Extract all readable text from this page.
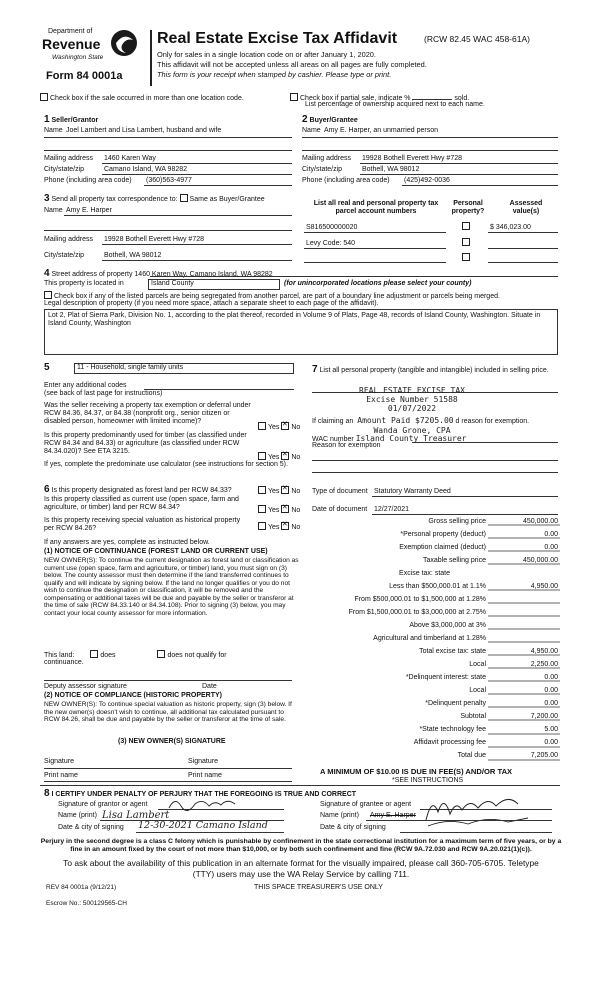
Department of
Revenue
Washington State
Form 84 0001a
Real Estate Excise Tax Affidavit	(RCW 82.45 WAC 458-61A)
Only for sales in a single location code on or after January 1, 2020.
This affidavit will not be accepted unless all areas on all pages are fully completed.
This form is your receipt when stamped by cashier. Please type or print.
Check box if the sale occurred in more than one location code.	Check box if partial sale, indicate %	sold.
List percentage of ownership acquired next to each name.
1 Seller/Grantor
Name Joel Lambert and Lisa Lambert, husband and wife
Mailing address 1460 Karen Way
City/state/zip	Camano Island, WA 98282
Phone (including area code) (360)563-4977
2 Buyer/Grantee
Name Amy E. Harper, an unmarried person
Mailing address 19928 Bothell Everett Hwy #728
City/state/zip	Bothell, WA 98012
Phone (including area code) (425)492-0036
3 Send all property tax correspondence to: Same as Buyer/Grantee
Name Amy E. Harper
Mailing address 19928 Bothell Everett Hwy #728
City/state/zip	Bothell, WA 98012
List all real and personal property tax
parcel account numbers
Personal
property?
Assessed
value(s)
S816500000020	$ 346,023.00
Levy Code: 540
4 Street address of property 1460 Karen Way, Camano Island, WA 98282
This property is located in	Island County	(for unincorporated locations please select your county)
Check box if any of the listed parcels are being segregated from another parcel, are part of a boundary line adjustment or parcels being merged.
Legal description of property (if you need more space, attach a separate sheet to each page of the affidavit).
Lot 2, Plat of Sierra Park, Division No. 1, according to the plat thereof, recorded in Volume 9 of Plats, Page 48, records of Island County, Washington. Situate in Island County, Washington
5	11 - Household, single family units
Enter any additional codes
(see back of last page for instructions)
Was the seller receiving a property tax exemption or deferral under RCW 84.36, 84.37, or 84.38 (nonprofit org., senior citizen or disabled person, homeowner with limited income)?
Yes ✕ No
Is this property predominantly used for timber (as classified under RCW 84.34 and 84.33) or agriculture (as classified under RCW 84.34.020)? See ETA 3215.
Yes ✕ No
If yes, complete the predominate use calculator (see instructions for section 5).
6 Is this property designated as forest land per RCW 84.33?	Yes ✕ No
Is this property classified as current use (open space, farm and agriculture, or timber) land per RCW 84.34?	Yes ✕ No
Is this property receiving special valuation as historical property per RCW 84.26?	Yes ✕ No
If any answers are yes, complete as instructed below.
(1) NOTICE OF CONTINUANCE (FOREST LAND OR CURRENT USE)
NEW OWNER(S): To continue the current designation as forest land or classification as current use (open space, farm and agriculture, or timber) land, you must sign on (3) below. The county assessor must then determine if the land transferred continues to qualify and will indicate by signing below. If the land no longer qualifies or you do not wish to continue the designation or classification, it will be removed and the compensating or additional taxes will be due and payable by the seller or transferor at the time of sale (RCW 84.33.140 or 84.34.108). Prior to signing (3) below, you may contact your local county assessor for more information.
This land:	does	does not qualify for
continuance.
Deputy assessor signature	Date
(2) NOTICE OF COMPLIANCE (HISTORIC PROPERTY)
NEW OWNER(S): To continue special valuation as historic property, sign (3) below. If the new owner(s) doesn't wish to continue, all additional tax calculated pursuant to RCW 84.26, shall be due and payable by the seller or transferor at the time of sale.
(3) NEW OWNER(S) SIGNATURE
Signature	Signature
Print name	Print name
7 List all personal property (tangible and intangible) included in selling price.
REAL ESTATE EXCISE TAX
Excise Number 51588
01/07/2022
If claiming an Amount Paid $7205.00 d reason for exemption.
Wanda Grone, CPA
WAC number Island County Treasurer
Reason for exemption
Type of document Statutory Warranty Deed
Date of document 12/27/2021
Gross selling price	450,000.00
*Personal property (deduct)	0.00
Exemption claimed (deduct)	0.00
Taxable selling price	450,000.00
Excise tax: state
Less than $500,000.01 at 1.1%	4,950.00
From $500,000.01 to $1,500,000 at 1.28%
From $1,500,000.01 to $3,000,000 at 2.75%
Above $3,000,000 at 3%
Agricultural and timberland at 1.28%
Total excise tax: state	4,950.00
Local	2,250.00
*Delinquent interest: state	0.00
Local	0.00
*Delinquent penalty	0.00
Subtotal	7,200.00
*State technology fee	5.00
Affidavit processing fee	0.00
Total due	7,205.00
A MINIMUM OF $10.00 IS DUE IN FEE(S) AND/OR TAX
*SEE INSTRUCTIONS
8 I CERTIFY UNDER PENALTY OF PERJURY THAT THE FOREGOING IS TRUE AND CORRECT
Signature of grantor or agent
Name (print) Lisa Lambert
Date & city of signing 12-30-2021 Camano Island
Signature of grantee or agent
Name (print) Amy E. Harper
Date & city of signing
Perjury in the second degree is a class C felony which is punishable by confinement in the state correctional institution for a maximum term of five years, or by a fine in an amount fixed by the court of not more than $10,000, or by both such confinement and fine (RCW 9A.72.030 and RCW 9A.20.021(1)(c)).
To ask about the availability of this publication in an alternate format for the visually impaired, please call 360-705-6705. Teletype (TTY) users may use the WA Relay Service by calling 711.
REV 84 0001a (9/12/21)	THIS SPACE TREASURER'S USE ONLY
Escrow No.: 500129565-CH
